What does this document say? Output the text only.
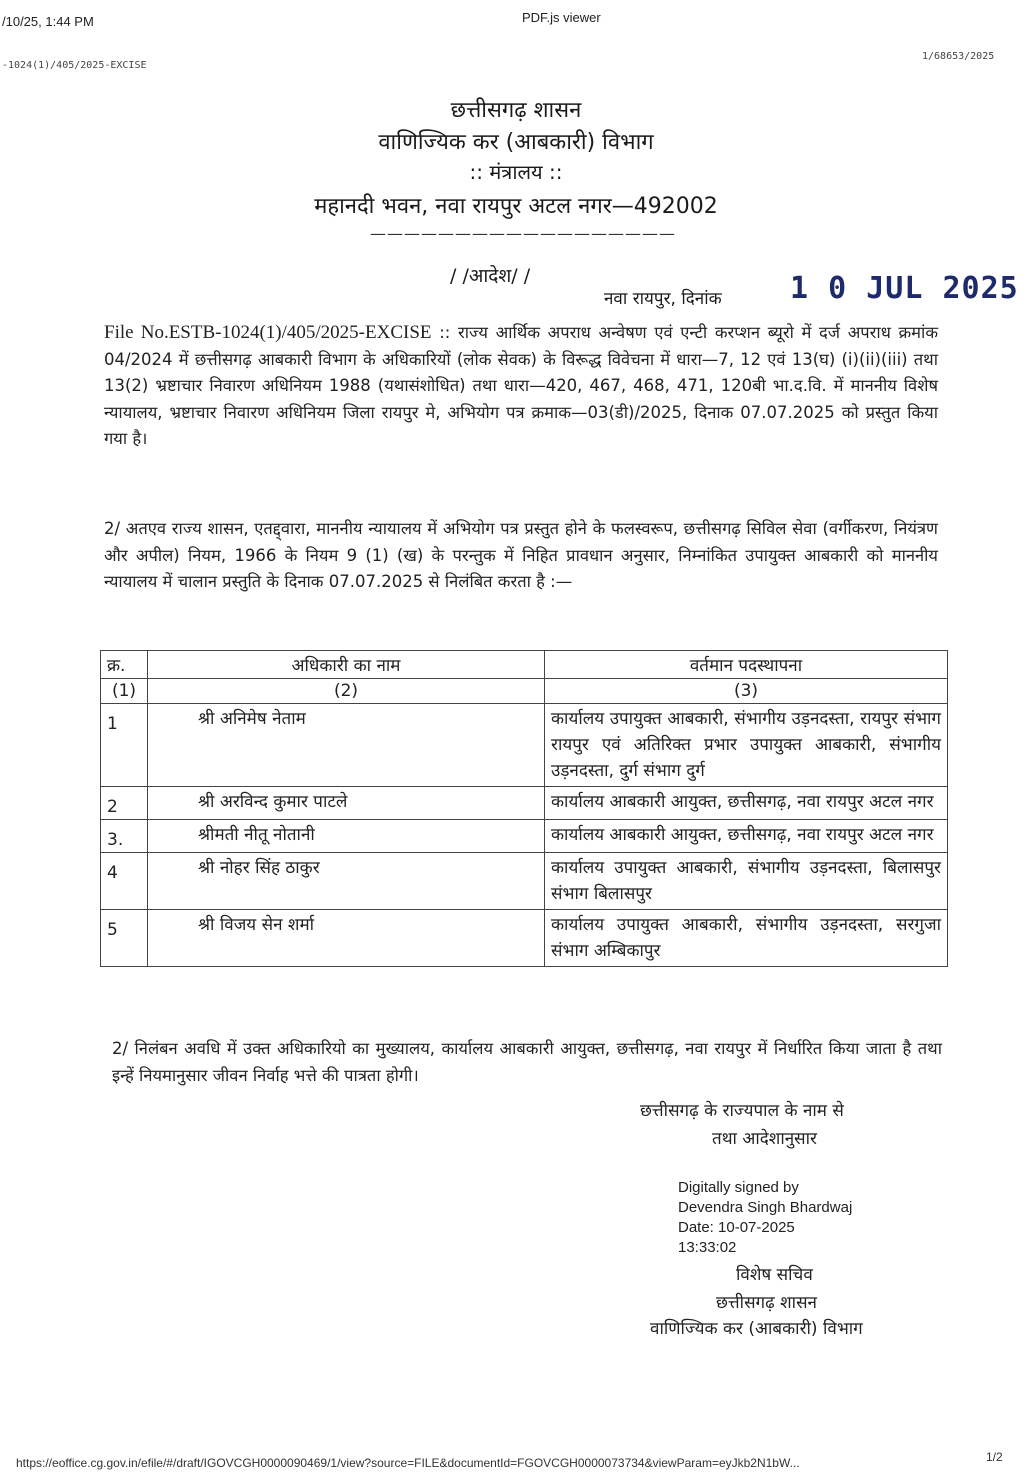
/10/25, 1:44 PM	PDF.js viewer
-1024(1)/405/2025-EXCISE
1/68653/2025
छत्तीसगढ़ शासन
वाणिज्यिक कर (आबकारी) विभाग
:: मंत्रालय ::
महानदी भवन, नवा रायपुर अटल नगर—492002
——————————————————
/ /आदेश/ /
नवा रायपुर, दिनांक 1 0 JUL 2025
File No.ESTB-1024(1)/405/2025-EXCISE :: राज्य आर्थिक अपराध अन्वेषण एवं एन्टी करप्शन ब्यूरो में दर्ज अपराध क्रमांक 04/2024 में छत्तीसगढ़ आबकारी विभाग के अधिकारियों (लोक सेवक) के विरूद्ध विवेचना में धारा—7, 12 एवं 13(घ) (i)(ii)(iii) तथा 13(2) भ्रष्टाचार निवारण अधिनियम 1988 (यथासंशोधित) तथा धारा—420, 467, 468, 471, 120बी भा.द.वि. में माननीय विशेष न्यायालय, भ्रष्टाचार निवारण अधिनियम जिला रायपुर मे, अभियोग पत्र क्रमाक—03(डी)/2025, दिनाक 07.07.2025 को प्रस्तुत किया गया है।
2/ अतएव राज्य शासन, एतद्द्वारा, माननीय न्यायालय में अभियोग पत्र प्रस्तुत होने के फलस्वरूप, छत्तीसगढ़ सिविल सेवा (वर्गीकरण, नियंत्रण और अपील) नियम, 1966 के नियम 9 (1) (ख) के परन्तुक में निहित प्रावधान अनुसार, निम्नांकित उपायुक्त आबकारी को माननीय न्यायालय में चालान प्रस्तुति के दिनाक 07.07.2025 से निलंबित करता है :—
क्र.	अधिकारी का नाम	वर्तमान पदस्थापना
(1)	(2)	(3)
1	श्री अनिमेष नेताम	कार्यालय उपायुक्त आबकारी, संभागीय उड़नदस्ता, रायपुर संभाग रायपुर एवं अतिरिक्त प्रभार उपायुक्त आबकारी, संभागीय उड़नदस्ता, दुर्ग संभाग दुर्ग
2	श्री अरविन्द कुमार पाटले	कार्यालय आबकारी आयुक्त, छत्तीसगढ़, नवा रायपुर अटल नगर
3.	श्रीमती नीतू नोतानी	कार्यालय आबकारी आयुक्त, छत्तीसगढ़, नवा रायपुर अटल नगर
4	श्री नोहर सिंह ठाकुर	कार्यालय उपायुक्त आबकारी, संभागीय उड़नदस्ता, बिलासपुर संभाग बिलासपुर
5	श्री विजय सेन शर्मा	कार्यालय उपायुक्त आबकारी, संभागीय उड़नदस्ता, सरगुजा संभाग अम्बिकापुर
2/ निलंबन अवधि में उक्त अधिकारियो का मुख्यालय, कार्यालय आबकारी आयुक्त, छत्तीसगढ़, नवा रायपुर में निर्धारित किया जाता है तथा इन्हें नियमानुसार जीवन निर्वाह भत्ते की पात्रता होगी।
छत्तीसगढ़ के राज्यपाल के नाम से
तथा आदेशानुसार
Digitally signed by
Devendra Singh Bhardwaj
Date: 10-07-2025
13:33:02
विशेष सचिव
छत्तीसगढ़ शासन
वाणिज्यिक कर (आबकारी) विभाग
https://eoffice.cg.gov.in/efile/#/draft/IGOVCGH0000090469/1/view?source=FILE&documentId=FGOVCGH0000073734&viewParam=eyJkb2N1bW...	1/2
